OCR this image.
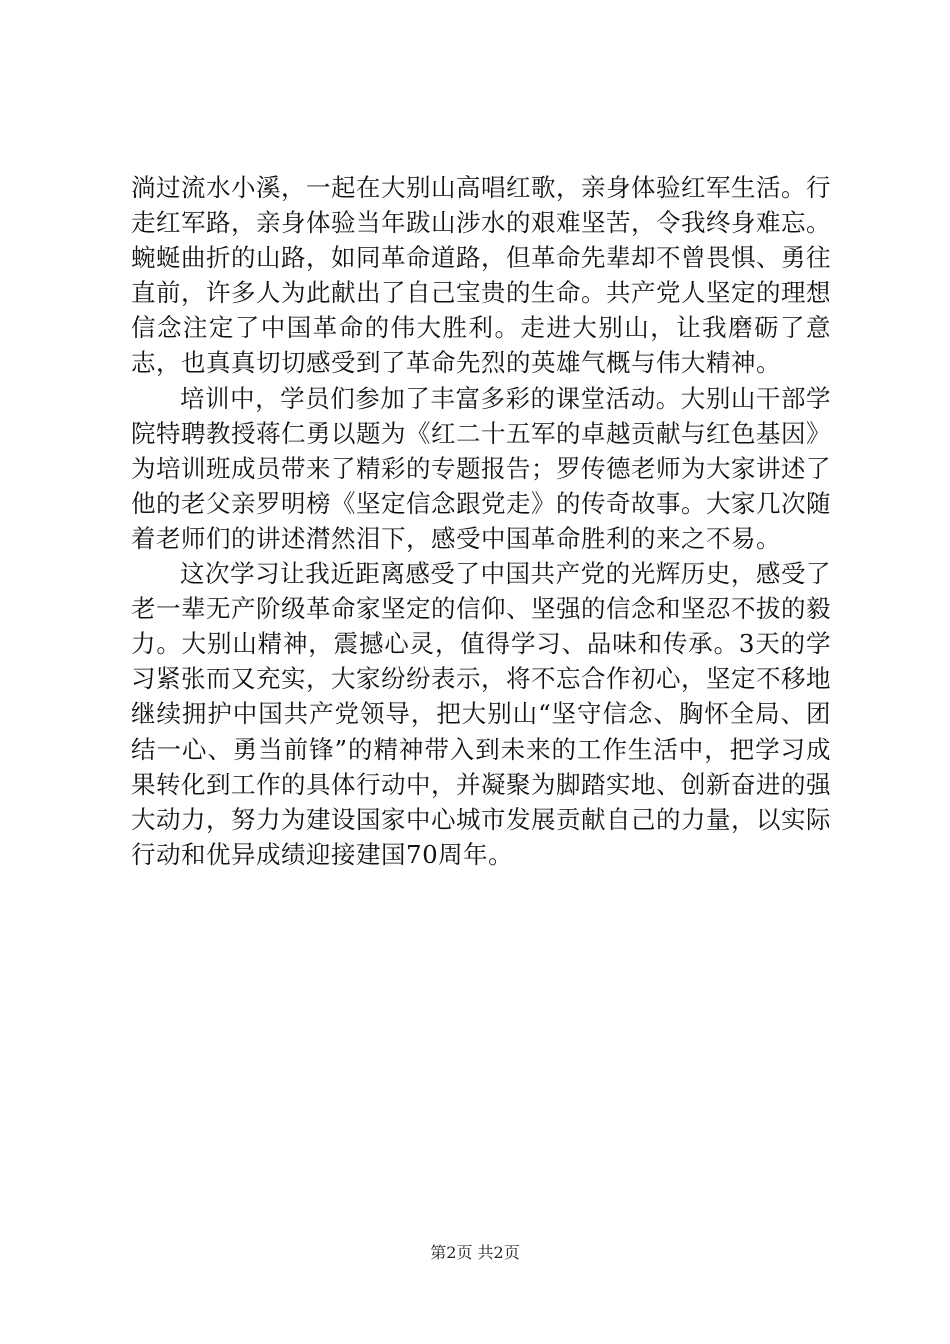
淌过流水小溪，一起在大别山高唱红歌，亲身体验红军生活。行走红军路，亲身体验当年跋山涉水的艰难坚苦，令我终身难忘。蜿蜒曲折的山路，如同革命道路，但革命先辈却不曾畏惧、勇往直前，许多人为此献出了自己宝贵的生命。共产党人坚定的理想信念注定了中国革命的伟大胜利。走进大别山，让我磨砺了意志，也真真切切感受到了革命先烈的英雄气概与伟大精神。

培训中，学员们参加了丰富多彩的课堂活动。大别山干部学院特聘教授蒋仁勇以题为《红二十五军的卓越贡献与红色基因》为培训班成员带来了精彩的专题报告；罗传德老师为大家讲述了他的老父亲罗明榜《坚定信念跟党走》的传奇故事。大家几次随着老师们的讲述潸然泪下，感受中国革命胜利的来之不易。

这次学习让我近距离感受了中国共产党的光辉历史，感受了老一辈无产阶级革命家坚定的信仰、坚强的信念和坚忍不拔的毅力。大别山精神，震撼心灵，值得学习、品味和传承。3天的学习紧张而又充实，大家纷纷表示，将不忘合作初心，坚定不移地继续拥护中国共产党领导，把大别山“坚守信念、胸怀全局、团结一心、勇当前锋”的精神带入到未来的工作生活中，把学习成果转化到工作的具体行动中，并凝聚为脚踏实地、创新奋进的强大动力，努力为建设国家中心城市发展贡献自己的力量，以实际行动和优异成绩迎接建国70周年。

第2页 共2页
